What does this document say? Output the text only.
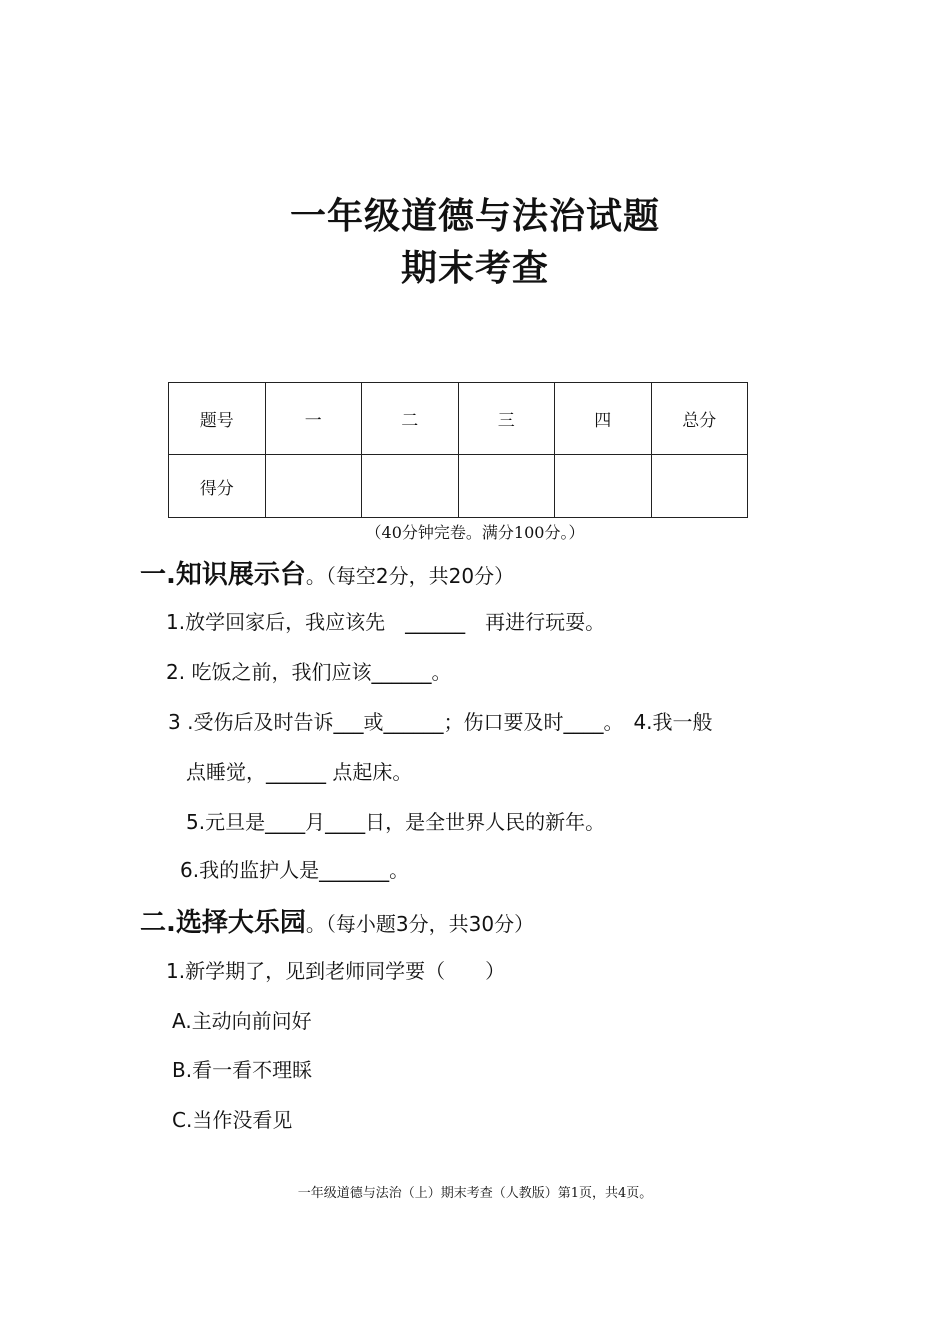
一年级道德与法治试题
期末考查
题号	一	二	三	四	总分
得分					
（40分钟完卷。满分100分。）
一.知识展示台。（每空2分，共20分）
1.放学回家后，我应该先　______　再进行玩耍。
2. 吃饭之前，我们应该______。
3 .受伤后及时告诉___或______；伤口要及时____。　4.我一般
点睡觉，______ 点起床。
5.元旦是____月____日，是全世界人民的新年。
6.我的监护人是_______。
二.选择大乐园。（每小题3分，共30分）
1.新学期了，见到老师同学要（　　）
A.主动向前问好
B.看一看不理睬
C.当作没看见
一年级道德与法治（上）期末考查（人教版）第1页，共4页。
